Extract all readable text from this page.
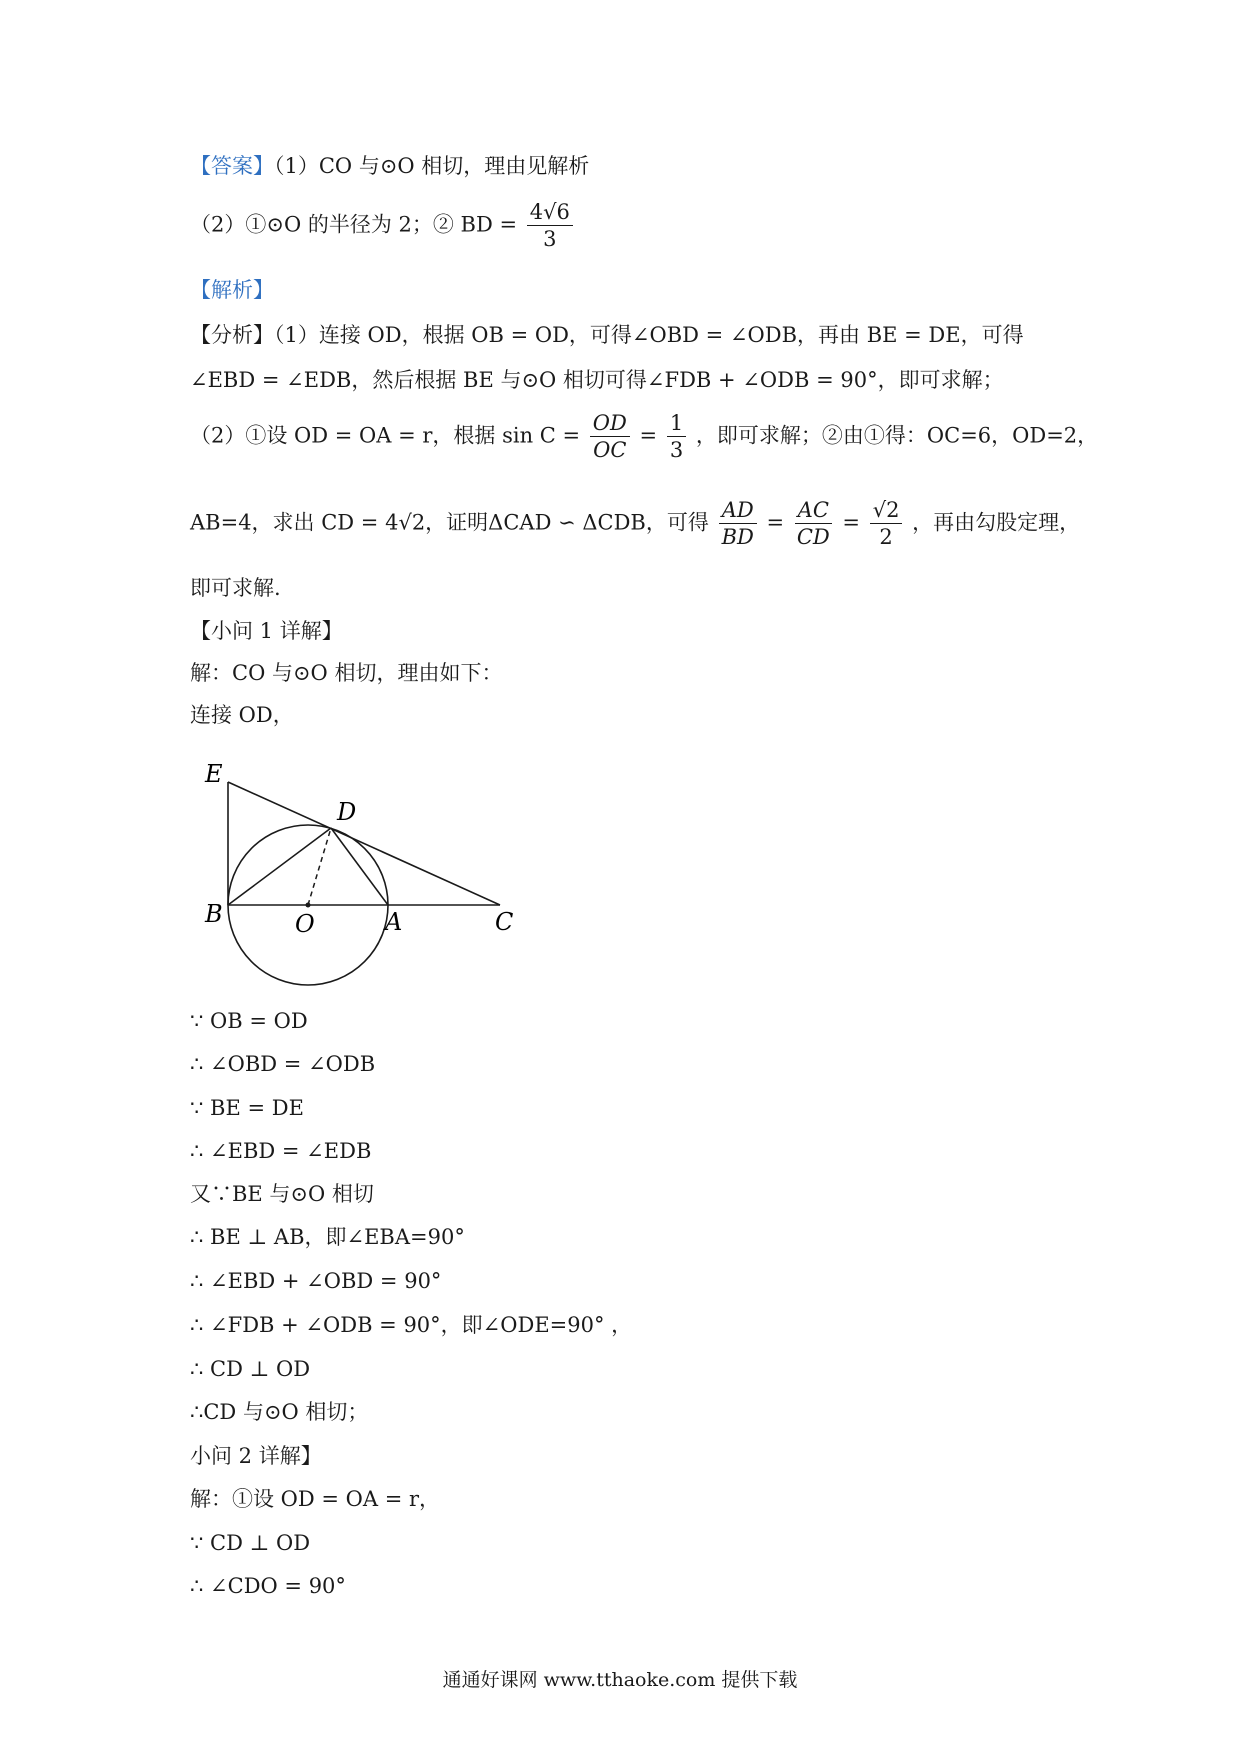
【答案】（1）CO 与⊙O 相切，理由见解析
（2）①⊙O 的半径为 2；② BD = $\frac{4√6}{3}$
【解析】
【分析】（1）连接 OD，根据 OB = OD，可得∠OBD = ∠ODB，再由 BE = DE，可得
∠EBD = ∠EDB，然后根据 BE 与⊙O 相切可得∠FDB + ∠ODB = 90°，即可求解；
（2）①设 OD = OA = r，根据 $\sin C = \frac{OD}{OC} = \frac{1}{3}$ ，即可求解；②由①得：OC=6，OD=2，
AB=4，求出 CD = 4√2，证明ΔCAD ∽ ΔCDB，可得 $\frac{AD}{BD} = \frac{AC}{CD} = \frac{√2}{2}$ ，再由勾股定理，
即可求解.
【小问 1 详解】
解：CO 与⊙O 相切，理由如下：
连接 OD，
E
D
B	O	A	C
∵ OB = OD
∴ ∠OBD = ∠ODB
∵ BE = DE
∴ ∠EBD = ∠EDB
又∵BE 与⊙O 相切
∴ BE ⊥ AB，即∠EBA=90°
∴ ∠EBD + ∠OBD = 90°
∴ ∠FDB + ∠ODB = 90°，即∠ODE=90° ，
∴ CD ⊥ OD
∴CD 与⊙O 相切；
小问 2 详解】
解：①设 OD = OA = r，
∵ CD ⊥ OD
∴ ∠CDO = 90°
通通好课网 www.tthaoke.com 提供下载
